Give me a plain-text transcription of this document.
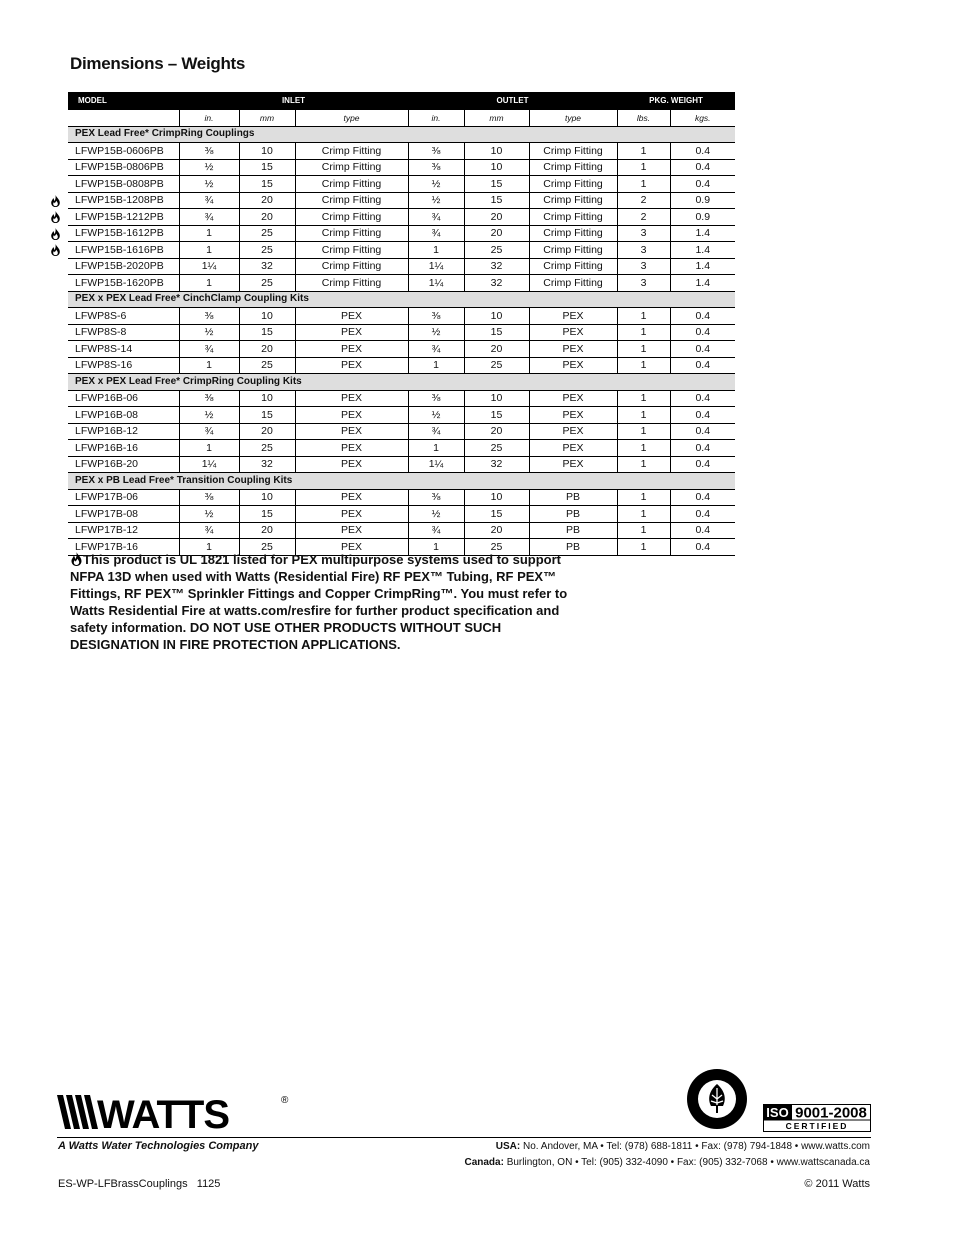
Dimensions – Weights
MODEL	INLET			OUTLET			PKG. WEIGHT	
	in.	mm	type	in.	mm	type	lbs.	kgs.
PEX Lead Free* CrimpRing Couplings								
LFWP15B-0606PB	⅜	10	Crimp Fitting	⅜	10	Crimp Fitting	1	0.4
LFWP15B-0806PB	½	15	Crimp Fitting	⅜	10	Crimp Fitting	1	0.4
LFWP15B-0808PB	½	15	Crimp Fitting	½	15	Crimp Fitting	1	0.4

LFWP15B-1208PB	¾	20	Crimp Fitting	½	15	Crimp Fitting	2	0.9

LFWP15B-1212PB	¾	20	Crimp Fitting	¾	20	Crimp Fitting	2	0.9

LFWP15B-1612PB	1	25	Crimp Fitting	¾	20	Crimp Fitting	3	1.4

LFWP15B-1616PB	1	25	Crimp Fitting	1	25	Crimp Fitting	3	1.4
LFWP15B-2020PB	1¼	32	Crimp Fitting	1¼	32	Crimp Fitting	3	1.4
LFWP15B-1620PB	1	25	Crimp Fitting	1¼	32	Crimp Fitting	3	1.4
PEX x PEX Lead Free* CinchClamp Coupling Kits								
LFWP8S-6	⅜	10	PEX	⅜	10	PEX	1	0.4
LFWP8S-8	½	15	PEX	½	15	PEX	1	0.4
LFWP8S-14	¾	20	PEX	¾	20	PEX	1	0.4
LFWP8S-16	1	25	PEX	1	25	PEX	1	0.4
PEX x PEX Lead Free* CrimpRing Coupling Kits								
LFWP16B-06	⅜	10	PEX	⅜	10	PEX	1	0.4
LFWP16B-08	½	15	PEX	½	15	PEX	1	0.4
LFWP16B-12	¾	20	PEX	¾	20	PEX	1	0.4
LFWP16B-16	1	25	PEX	1	25	PEX	1	0.4
LFWP16B-20	1¼	32	PEX	1¼	32	PEX	1	0.4
PEX x PB Lead Free* Transition Coupling Kits								
LFWP17B-06	⅜	10	PEX	⅜	10	PB	1	0.4
LFWP17B-08	½	15	PEX	½	15	PB	1	0.4
LFWP17B-12	¾	20	PEX	¾	20	PB	1	0.4
LFWP17B-16	1	25	PEX	1	25	PB	1	0.4
This product is UL 1821 listed for PEX multipurpose systems used to support NFPA 13D when used with Watts (Residential Fire) RF PEX™ Tubing, RF PEX™ Fittings, RF PEX™ Sprinkler Fittings and Copper CrimpRing™. You must refer to Watts Residential Fire at watts.com/resfire for further product specification and safety information. DO NOT USE OTHER PRODUCTS WITHOUT SUCH DESIGNATION IN FIRE PROTECTION APPLICATIONS.
WATTS	®
A Watts Water Technologies Company
ISO 9001-2008
CERTIFIED
USA: No. Andover, MA • Tel: (978) 688-1811 • Fax: (978) 794-1848 • www.watts.com
Canada: Burlington, ON • Tel: (905) 332-4090 • Fax: (905) 332-7068 • www.wattscanada.ca
ES-WP-LFBrassCouplings   1125	© 2011 Watts
